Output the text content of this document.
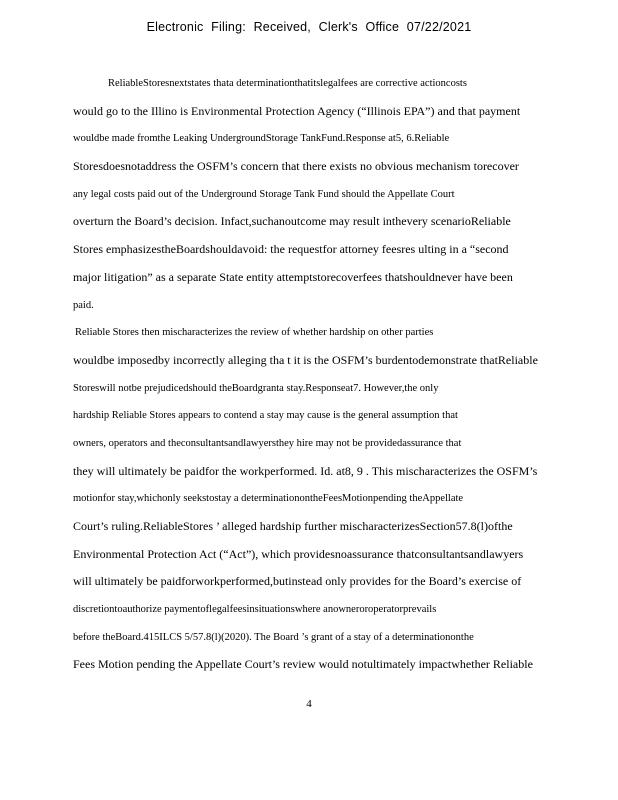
Electronic Filing: Received, Clerk's Office 07/22/2021
ReliableStoresnextstates thata determinationthatitslegalfees are corrective actioncosts
would go to the Illino is Environmental Protection Agency (“Illinois EPA”) and that payment
wouldbe made fromthe Leaking UndergroundStorage TankFund.Response at5, 6.Reliable
Storesdoesnotaddress the OSFM’s concern that there exists no obvious mechanism torecover
any legal costs paid out of the Underground Storage Tank Fund should the Appellate Court
overturn the Board’s decision. Infact,suchanoutcome may result inthevery scenarioReliable
Stores emphasizestheBoardshouldavoid: the requestfor attorney feesres ulting in a “second
major litigation” as a separate State entity attemptstorecoverfees thatshouldnever have been
paid.
Reliable Stores then mischaracterizes the review of whether hardship on other parties
wouldbe imposedby incorrectly alleging tha t it is the OSFM’s burdentodemonstrate thatReliable
Storeswill notbe prejudicedshould theBoardgranta stay.Responseat7. However,the only
hardship Reliable Stores appears to contend a stay may cause is the general assumption that
owners, operators and theconsultantsandlawyersthey hire may not be providedassurance that
they will ultimately be paidfor the workperformed. Id. at8, 9 . This mischaracterizes the OSFM’s
motionfor stay,whichonly seekstostay a determinationontheFeesMotionpending theAppellate
Court’s ruling.ReliableStores ’ alleged hardship further mischaracterizesSection57.8(l)ofthe
Environmental Protection Act (“Act”), which providesnoassurance thatconsultantsandlawyers
will ultimately be paidforworkperformed,butinstead only provides for the Board’s exercise of
discretiontoauthorize paymentoflegalfeesinsituationswhere anowneroroperatorprevails
before theBoard.415ILCS 5/57.8(l)(2020). The Board ’s grant of a stay of a determinationonthe
Fees Motion pending the Appellate Court’s review would notultimately impactwhether Reliable
4
